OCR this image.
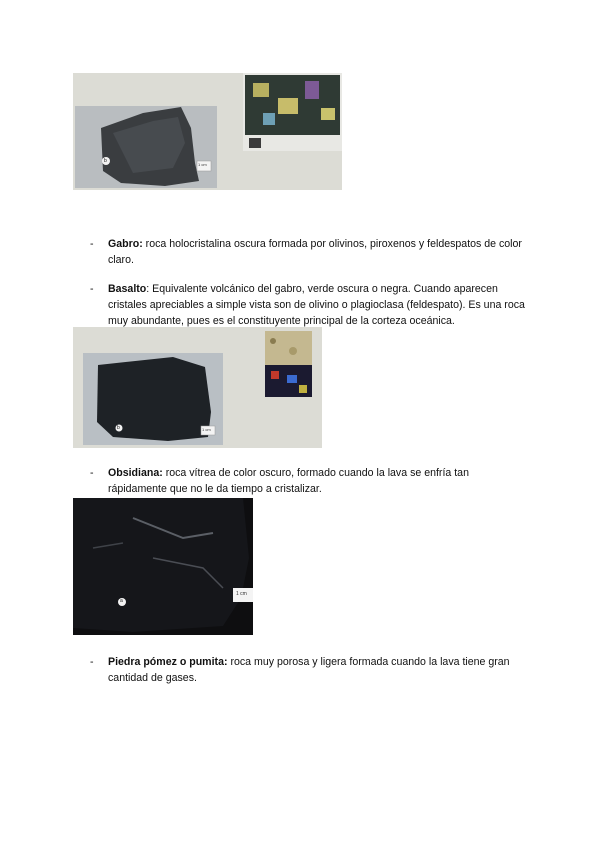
1 cm
b
- Gabro: roca holocristalina oscura formada por olivinos, piroxenos y feldespatos de color claro.
- Basalto: Equivalente volcánico del gabro, verde oscura o negra. Cuando aparecen cristales apreciables a simple vista son de olivino o plagioclasa (feldespato). Es una roca muy abundante, pues es el constituyente principal de la corteza oceánica.
1 cm
b
- Obsidiana: roca vítrea de color oscuro, formado cuando la lava se enfría tan rápidamente que no le da tiempo a cristalizar.
1 cm
a
- Piedra pómez o pumita: roca muy porosa y ligera formada cuando la lava tiene gran cantidad de gases.
